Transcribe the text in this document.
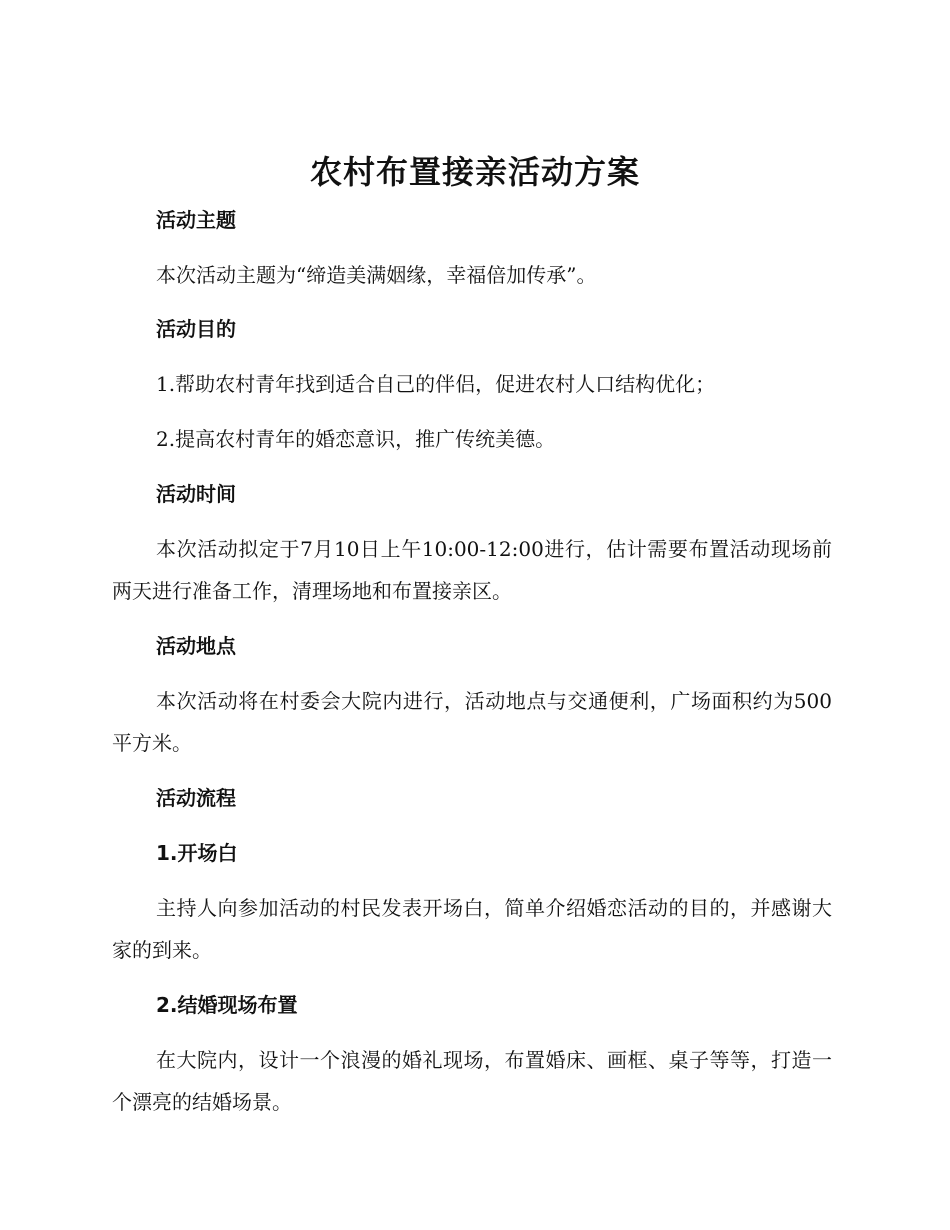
农村布置接亲活动方案
活动主题
本次活动主题为“缔造美满姻缘，幸福倍加传承”。
活动目的
1.帮助农村青年找到适合自己的伴侣，促进农村人口结构优化；
2.提高农村青年的婚恋意识，推广传统美德。
活动时间
本次活动拟定于7月10日上午10:00-12:00进行，估计需要布置活动现场前两天进行准备工作，清理场地和布置接亲区。
活动地点
本次活动将在村委会大院内进行，活动地点与交通便利，广场面积约为500平方米。
活动流程
1.开场白
主持人向参加活动的村民发表开场白，简单介绍婚恋活动的目的，并感谢大家的到来。
2.结婚现场布置
在大院内，设计一个浪漫的婚礼现场，布置婚床、画框、桌子等等，打造一个漂亮的结婚场景。
